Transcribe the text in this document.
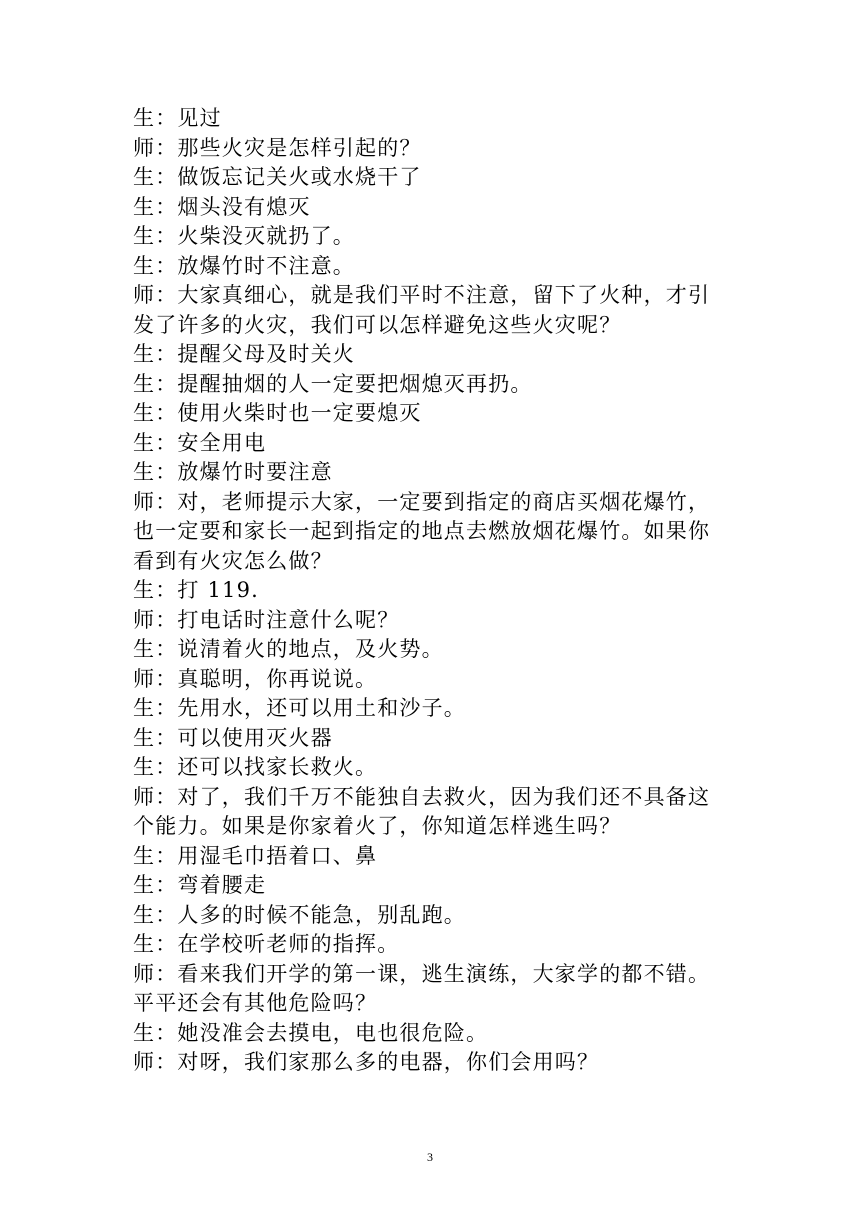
生：见过
师：那些火灾是怎样引起的？
生：做饭忘记关火或水烧干了
生：烟头没有熄灭
生：火柴没灭就扔了。
生：放爆竹时不注意。
师：大家真细心，就是我们平时不注意，留下了火种，才引
发了许多的火灾，我们可以怎样避免这些火灾呢？
生：提醒父母及时关火
生：提醒抽烟的人一定要把烟熄灭再扔。
生：使用火柴时也一定要熄灭
生：安全用电
生：放爆竹时要注意
师：对，老师提示大家，一定要到指定的商店买烟花爆竹，
也一定要和家长一起到指定的地点去燃放烟花爆竹。如果你
看到有火灾怎么做？
生：打 119.
师：打电话时注意什么呢？
生：说清着火的地点，及火势。
师：真聪明，你再说说。
生：先用水，还可以用土和沙子。
生：可以使用灭火器
生：还可以找家长救火。
师：对了，我们千万不能独自去救火，因为我们还不具备这
个能力。如果是你家着火了，你知道怎样逃生吗？
生：用湿毛巾捂着口、鼻
生：弯着腰走
生：人多的时候不能急，别乱跑。
生：在学校听老师的指挥。
师：看来我们开学的第一课，逃生演练，大家学的都不错。
平平还会有其他危险吗？
生：她没准会去摸电，电也很危险。
师：对呀，我们家那么多的电器，你们会用吗？
3
